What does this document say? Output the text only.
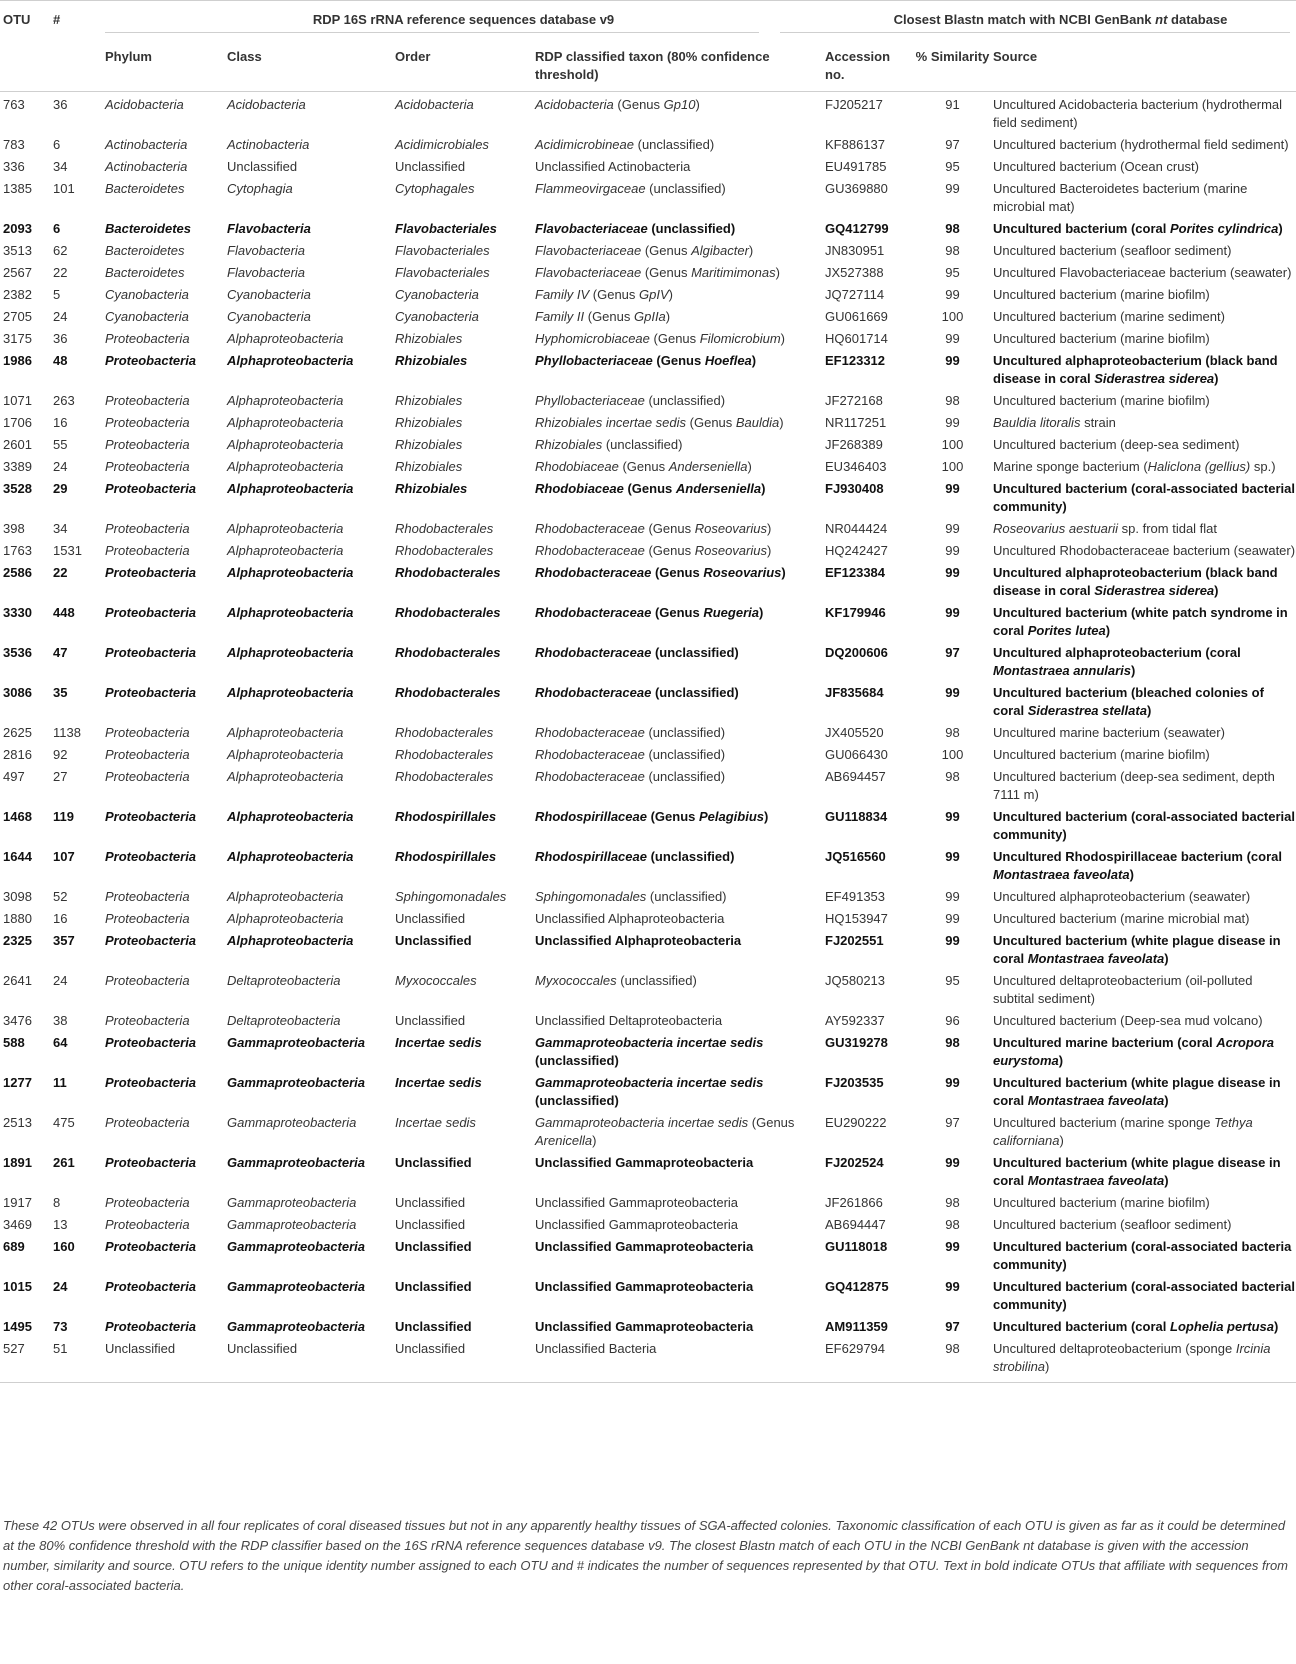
OTU	#	RDP 16S rRNA reference sequences database v9				Closest Blastn match with NCBI GenBank nt database		
		Phylum	Class	Order	RDP classified taxon (80% confidence threshold)	Accession no.	% Similarity	Source
763	36	Acidobacteria	Acidobacteria	Acidobacteria	Acidobacteria (Genus Gp10)	FJ205217	91	Uncultured Acidobacteria bacterium (hydrothermal field sediment)
783	6	Actinobacteria	Actinobacteria	Acidimicrobiales	Acidimicrobineae (unclassified)	KF886137	97	Uncultured bacterium (hydrothermal field sediment)
336	34	Actinobacteria	Unclassified	Unclassified	Unclassified Actinobacteria	EU491785	95	Uncultured bacterium (Ocean crust)
1385	101	Bacteroidetes	Cytophagia	Cytophagales	Flammeovirgaceae (unclassified)	GU369880	99	Uncultured Bacteroidetes bacterium (marine microbial mat)
2093	6	Bacteroidetes	Flavobacteria	Flavobacteriales	Flavobacteriaceae (unclassified)	GQ412799	98	Uncultured bacterium (coral Porites cylindrica)
3513	62	Bacteroidetes	Flavobacteria	Flavobacteriales	Flavobacteriaceae (Genus Algibacter)	JN830951	98	Uncultured bacterium (seafloor sediment)
2567	22	Bacteroidetes	Flavobacteria	Flavobacteriales	Flavobacteriaceae (Genus Maritimimonas)	JX527388	95	Uncultured Flavobacteriaceae bacterium (seawater)
2382	5	Cyanobacteria	Cyanobacteria	Cyanobacteria	Family IV (Genus GpIV)	JQ727114	99	Uncultured bacterium (marine biofilm)
2705	24	Cyanobacteria	Cyanobacteria	Cyanobacteria	Family II (Genus GpIIa)	GU061669	100	Uncultured bacterium (marine sediment)
3175	36	Proteobacteria	Alphaproteobacteria	Rhizobiales	Hyphomicrobiaceae (Genus Filomicrobium)	HQ601714	99	Uncultured bacterium (marine biofilm)
1986	48	Proteobacteria	Alphaproteobacteria	Rhizobiales	Phyllobacteriaceae (Genus Hoeflea)	EF123312	99	Uncultured alphaproteobacterium (black band disease in coral Siderastrea siderea)
1071	263	Proteobacteria	Alphaproteobacteria	Rhizobiales	Phyllobacteriaceae (unclassified)	JF272168	98	Uncultured bacterium (marine biofilm)
1706	16	Proteobacteria	Alphaproteobacteria	Rhizobiales	Rhizobiales incertae sedis (Genus Bauldia)	NR117251	99	Bauldia litoralis strain
2601	55	Proteobacteria	Alphaproteobacteria	Rhizobiales	Rhizobiales (unclassified)	JF268389	100	Uncultured bacterium (deep-sea sediment)
3389	24	Proteobacteria	Alphaproteobacteria	Rhizobiales	Rhodobiaceae (Genus Anderseniella)	EU346403	100	Marine sponge bacterium (Haliclona (gellius) sp.)
3528	29	Proteobacteria	Alphaproteobacteria	Rhizobiales	Rhodobiaceae (Genus Anderseniella)	FJ930408	99	Uncultured bacterium (coral-associated bacterial community)
398	34	Proteobacteria	Alphaproteobacteria	Rhodobacterales	Rhodobacteraceae (Genus Roseovarius)	NR044424	99	Roseovarius aestuarii sp. from tidal flat
1763	1531	Proteobacteria	Alphaproteobacteria	Rhodobacterales	Rhodobacteraceae (Genus Roseovarius)	HQ242427	99	Uncultured Rhodobacteraceae bacterium (seawater)
2586	22	Proteobacteria	Alphaproteobacteria	Rhodobacterales	Rhodobacteraceae (Genus Roseovarius)	EF123384	99	Uncultured alphaproteobacterium (black band disease in coral Siderastrea siderea)
3330	448	Proteobacteria	Alphaproteobacteria	Rhodobacterales	Rhodobacteraceae (Genus Ruegeria)	KF179946	99	Uncultured bacterium (white patch syndrome in coral Porites lutea)
3536	47	Proteobacteria	Alphaproteobacteria	Rhodobacterales	Rhodobacteraceae (unclassified)	DQ200606	97	Uncultured alphaproteobacterium (coral Montastraea annularis)
3086	35	Proteobacteria	Alphaproteobacteria	Rhodobacterales	Rhodobacteraceae (unclassified)	JF835684	99	Uncultured bacterium (bleached colonies of coral Siderastrea stellata)
2625	1138	Proteobacteria	Alphaproteobacteria	Rhodobacterales	Rhodobacteraceae (unclassified)	JX405520	98	Uncultured marine bacterium (seawater)
2816	92	Proteobacteria	Alphaproteobacteria	Rhodobacterales	Rhodobacteraceae (unclassified)	GU066430	100	Uncultured bacterium (marine biofilm)
497	27	Proteobacteria	Alphaproteobacteria	Rhodobacterales	Rhodobacteraceae (unclassified)	AB694457	98	Uncultured bacterium (deep-sea sediment, depth 7111 m)
1468	119	Proteobacteria	Alphaproteobacteria	Rhodospirillales	Rhodospirillaceae (Genus Pelagibius)	GU118834	99	Uncultured bacterium (coral-associated bacterial community)
1644	107	Proteobacteria	Alphaproteobacteria	Rhodospirillales	Rhodospirillaceae (unclassified)	JQ516560	99	Uncultured Rhodospirillaceae bacterium (coral Montastraea faveolata)
3098	52	Proteobacteria	Alphaproteobacteria	Sphingomonadales	Sphingomonadales (unclassified)	EF491353	99	Uncultured alphaproteobacterium (seawater)
1880	16	Proteobacteria	Alphaproteobacteria	Unclassified	Unclassified Alphaproteobacteria	HQ153947	99	Uncultured bacterium (marine microbial mat)
2325	357	Proteobacteria	Alphaproteobacteria	Unclassified	Unclassified Alphaproteobacteria	FJ202551	99	Uncultured bacterium (white plague disease in coral Montastraea faveolata)
2641	24	Proteobacteria	Deltaproteobacteria	Myxococcales	Myxococcales (unclassified)	JQ580213	95	Uncultured deltaproteobacterium (oil-polluted subtital sediment)
3476	38	Proteobacteria	Deltaproteobacteria	Unclassified	Unclassified Deltaproteobacteria	AY592337	96	Uncultured bacterium (Deep-sea mud volcano)
588	64	Proteobacteria	Gammaproteobacteria	Incertae sedis	Gammaproteobacteria incertae sedis (unclassified)	GU319278	98	Uncultured marine bacterium (coral Acropora eurystoma)
1277	11	Proteobacteria	Gammaproteobacteria	Incertae sedis	Gammaproteobacteria incertae sedis (unclassified)	FJ203535	99	Uncultured bacterium (white plague disease in coral Montastraea faveolata)
2513	475	Proteobacteria	Gammaproteobacteria	Incertae sedis	Gammaproteobacteria incertae sedis (Genus Arenicella)	EU290222	97	Uncultured bacterium (marine sponge Tethya californiana)
1891	261	Proteobacteria	Gammaproteobacteria	Unclassified	Unclassified Gammaproteobacteria	FJ202524	99	Uncultured bacterium (white plague disease in coral Montastraea faveolata)
1917	8	Proteobacteria	Gammaproteobacteria	Unclassified	Unclassified Gammaproteobacteria	JF261866	98	Uncultured bacterium (marine biofilm)
3469	13	Proteobacteria	Gammaproteobacteria	Unclassified	Unclassified Gammaproteobacteria	AB694447	98	Uncultured bacterium (seafloor sediment)
689	160	Proteobacteria	Gammaproteobacteria	Unclassified	Unclassified Gammaproteobacteria	GU118018	99	Uncultured bacterium (coral-associated bacteria community)
1015	24	Proteobacteria	Gammaproteobacteria	Unclassified	Unclassified Gammaproteobacteria	GQ412875	99	Uncultured bacterium (coral-associated bacterial community)
1495	73	Proteobacteria	Gammaproteobacteria	Unclassified	Unclassified Gammaproteobacteria	AM911359	97	Uncultured bacterium (coral Lophelia pertusa)
527	51	Unclassified	Unclassified	Unclassified	Unclassified Bacteria	EF629794	98	Uncultured deltaproteobacterium (sponge Ircinia strobilina)
These 42 OTUs were observed in all four replicates of coral diseased tissues but not in any apparently healthy tissues of SGA-affected colonies. Taxonomic classification of each OTU is given as far as it could be determined at the 80% confidence threshold with the RDP classifier based on the 16S rRNA reference sequences database v9. The closest Blastn match of each OTU in the NCBI GenBank nt database is given with the accession number, similarity and source. OTU refers to the unique identity number assigned to each OTU and # indicates the number of sequences represented by that OTU. Text in bold indicate OTUs that affiliate with sequences from other coral-associated bacteria.
